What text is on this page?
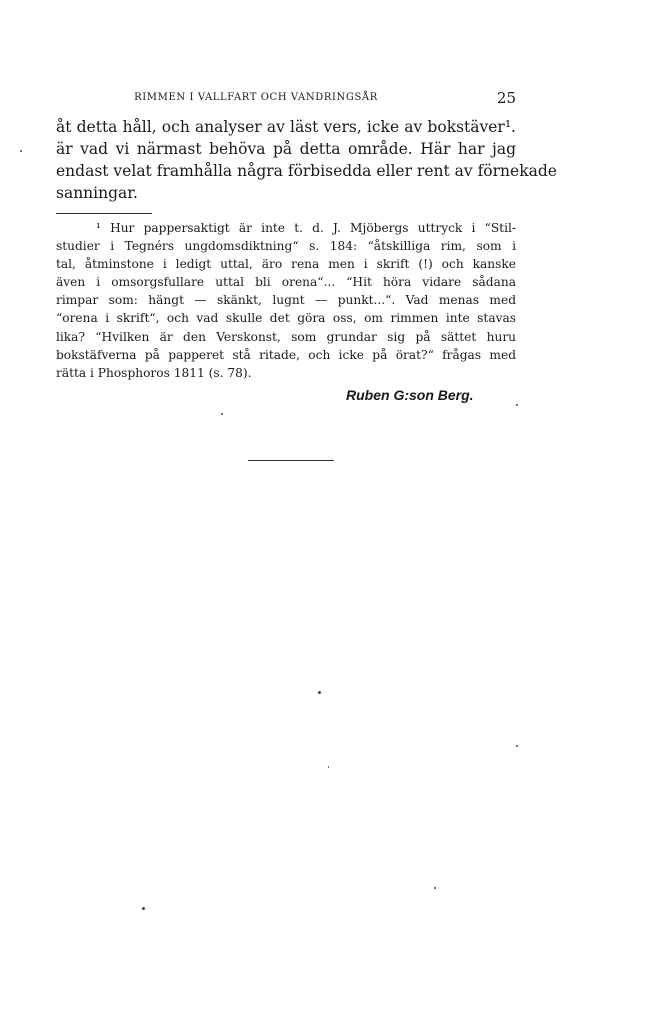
RIMMEN I VALLFART OCH VANDRINGSÅR	25
åt detta håll, och analyser av läst vers, icke av bokstäver¹.
är vad vi närmast behöva på detta område. Här har jag
endast velat framhålla några förbisedda eller rent av förnekade
sanningar.
¹ Hur pappersaktigt är inte t. d. J. Mjöbergs uttryck i “Stil-
studier i Tegnérs ungdomsdiktning“ s. 184: “åtskilliga rim, som i
tal, åtminstone i ledigt uttal, äro rena men i skrift (!) och kanske
även i omsorgsfullare uttal bli orena“... “Hit höra vidare sådana
rimpar som: hängt — skänkt, lugnt — punkt...“. Vad menas med
“orena i skrift“, och vad skulle det göra oss, om rimmen inte stavas
lika? “Hvilken är den Verskonst, som grundar sig på sättet huru
bokstäfverna på papperet stå ritade, och icke på örat?“ frågas med
rätta i Phosphoros 1811 (s. 78).
Ruben G:son Berg.
